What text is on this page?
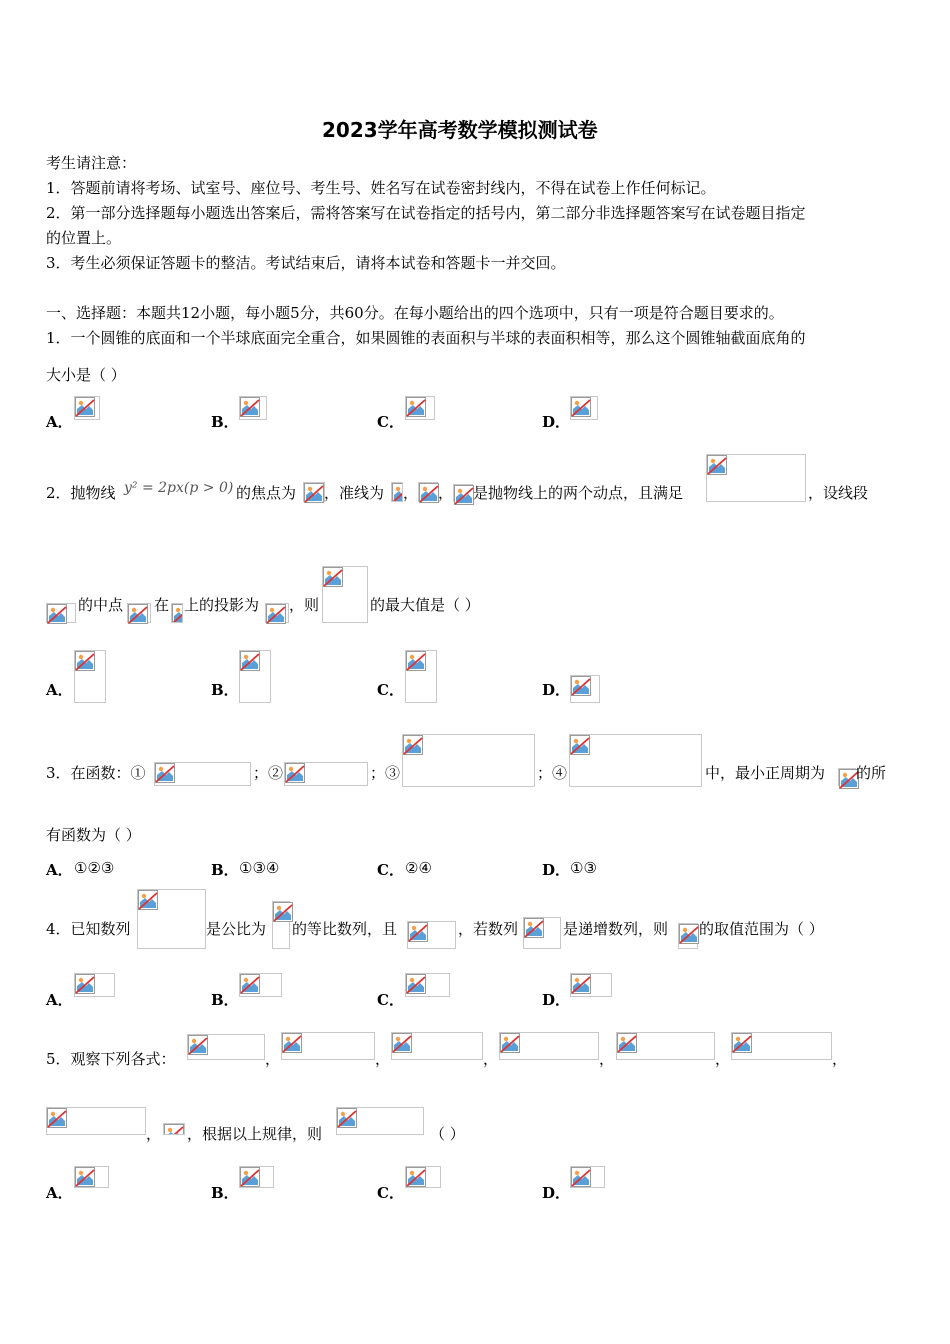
2023学年高考数学模拟测试卷
考生请注意：
1．答题前请将考场、试室号、座位号、考生号、姓名写在试卷密封线内，不得在试卷上作任何标记。
2．第一部分选择题每小题选出答案后，需将答案写在试卷指定的括号内，第二部分非选择题答案写在试卷题目指定
的位置上。
3．考生必须保证答题卡的整洁。考试结束后，请将本试卷和答题卡一并交回。
一、选择题：本题共12小题，每小题5分，共60分。在每小题给出的四个选项中，只有一项是符合题目要求的。
1．一个圆锥的底面和一个半球底面完全重合，如果圆锥的表面积与半球的表面积相等，那么这个圆锥轴截面底角的
大小是（ ）
A．	B．	C．	D．
2．抛物线 y² = 2px(p > 0) 的焦点为 ，准线为 ， ， 是抛物线上的两个动点，且满足	，设线段
的中点 在 上的投影为 ，则	的最大值是（ ）
A．	B．	C．	D．
3．在函数：①	；②	；③	；④	中，最小正周期为 的所
有函数为（ ）
A． ①②③	B． ①③④	C． ②④	D． ①③
4．已知数列	是公比为 的等比数列，且	，若数列	是递增数列，则 的取值范围为（ ）
A．	B．	C．	D．
5．观察下列各式：	，	，	，	，	，	，
， ，根据以上规律，则	（ ）
A．	B．	C．	D．
